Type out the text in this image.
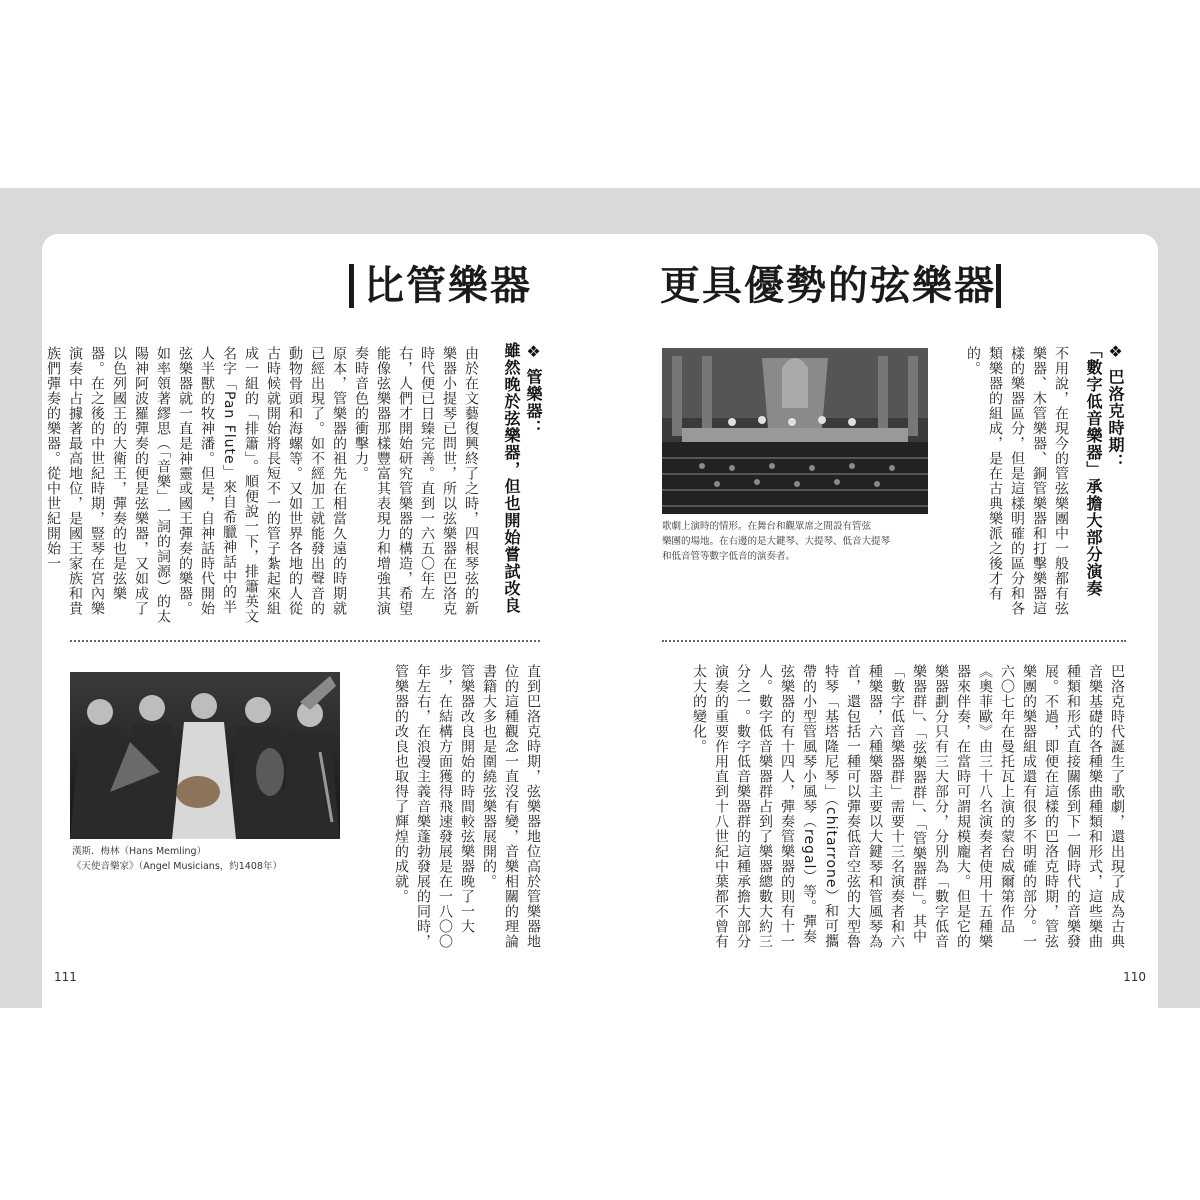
比管樂器	更具優勢的弦樂器
❖ 管樂器：
雖然晚於弦樂器，但也開始嘗試改良
由於在文藝復興終了之時，四根琴弦的新樂器小提琴已問世，所以弦樂器在巴洛克時代便已日臻完善。直到一六五〇年左右，人們才開始研究管樂器的構造，希望能像弦樂器那樣豐富其表現力和增強其演奏時音色的衝擊力。
原本，管樂器的祖先在相當久遠的時期就已經出現了。如不經加工就能發出聲音的動物骨頭和海螺等。又如世界各地的人從古時候就開始將長短不一的管子紮起來組成一組的「排簫」。順便說一下，排簫英文名字「Pan Flute」來自希臘神話中的半人半獸的牧神潘。但是，自神話時代開始弦樂器就一直是神靈或國王彈奏的樂器。如率領著繆思（「音樂」一詞的詞源）的太陽神阿波羅彈奏的便是弦樂器，又如成了以色列國王的大衛王，彈奏的也是弦樂器。在之後的中世紀時期，豎琴在宮內樂演奏中占據著最高地位，是國王家族和貴族們彈奏的樂器。從中世紀開始一
漢斯．梅林（Hans Memling）
《天使音樂家》（Angel Musicians，約1408年）	直到巴洛克時期，弦樂器地位高於管樂器地位的這種觀念一直沒有變，音樂相關的理論書籍大多也是圍繞弦樂器展開的。
管樂器改良開始的時間較弦樂器晚了一大步，在結構方面獲得飛速發展是在一八〇〇年左右，在浪漫主義音樂蓬勃發展的同時，管樂器的改良也取得了輝煌的成就。
歌劇上演時的情形。在舞台和觀眾席之間設有管弦
樂團的場地。在右邊的是大鍵琴、大提琴、低音大提琴
和低音管等數字低音的演奏者。
❖ 巴洛克時期：
「數字低音樂器」承擔大部分演奏
不用說，在現今的管弦樂團中一般都有弦樂器、木管樂器、銅管樂器和打擊樂器這樣的樂器區分，但是這樣明確的區分和各類樂器的組成，是在古典樂派之後才有的。
巴洛克時代誕生了歌劇，還出現了成為古典音樂基礎的各種樂曲種類和形式，這些樂曲種類和形式直接關係到下一個時代的音樂發展。不過，即便在這樣的巴洛克時期，管弦樂團的樂器組成還有很多不明確的部分。一六〇七年在曼托瓦上演的蒙台威爾第作品《奧菲歐》由三十八名演奏者使用十五種樂器來伴奏，在當時可謂規模龐大。但是它的樂器劃分只有三大部分，分別為「數字低音樂器群」、「弦樂器群」、「管樂器群」。其中「數字低音樂器群」需要十三名演奏者和六種樂器，六種樂器主要以大鍵琴和管風琴為首，還包括一種可以彈奏低音空弦的大型魯特琴「基塔隆尼琴」（chitarrone）和可攜帶的小型管風琴小風琴（regal）等。彈奏弦樂器的有十四人，彈奏管樂器的則有十一人。數字低音樂器群占到了樂器總數大約三分之一。數字低音樂器群的這種承擔大部分演奏的重要作用直到十八世紀中葉都不曾有太大的變化。
111	110
